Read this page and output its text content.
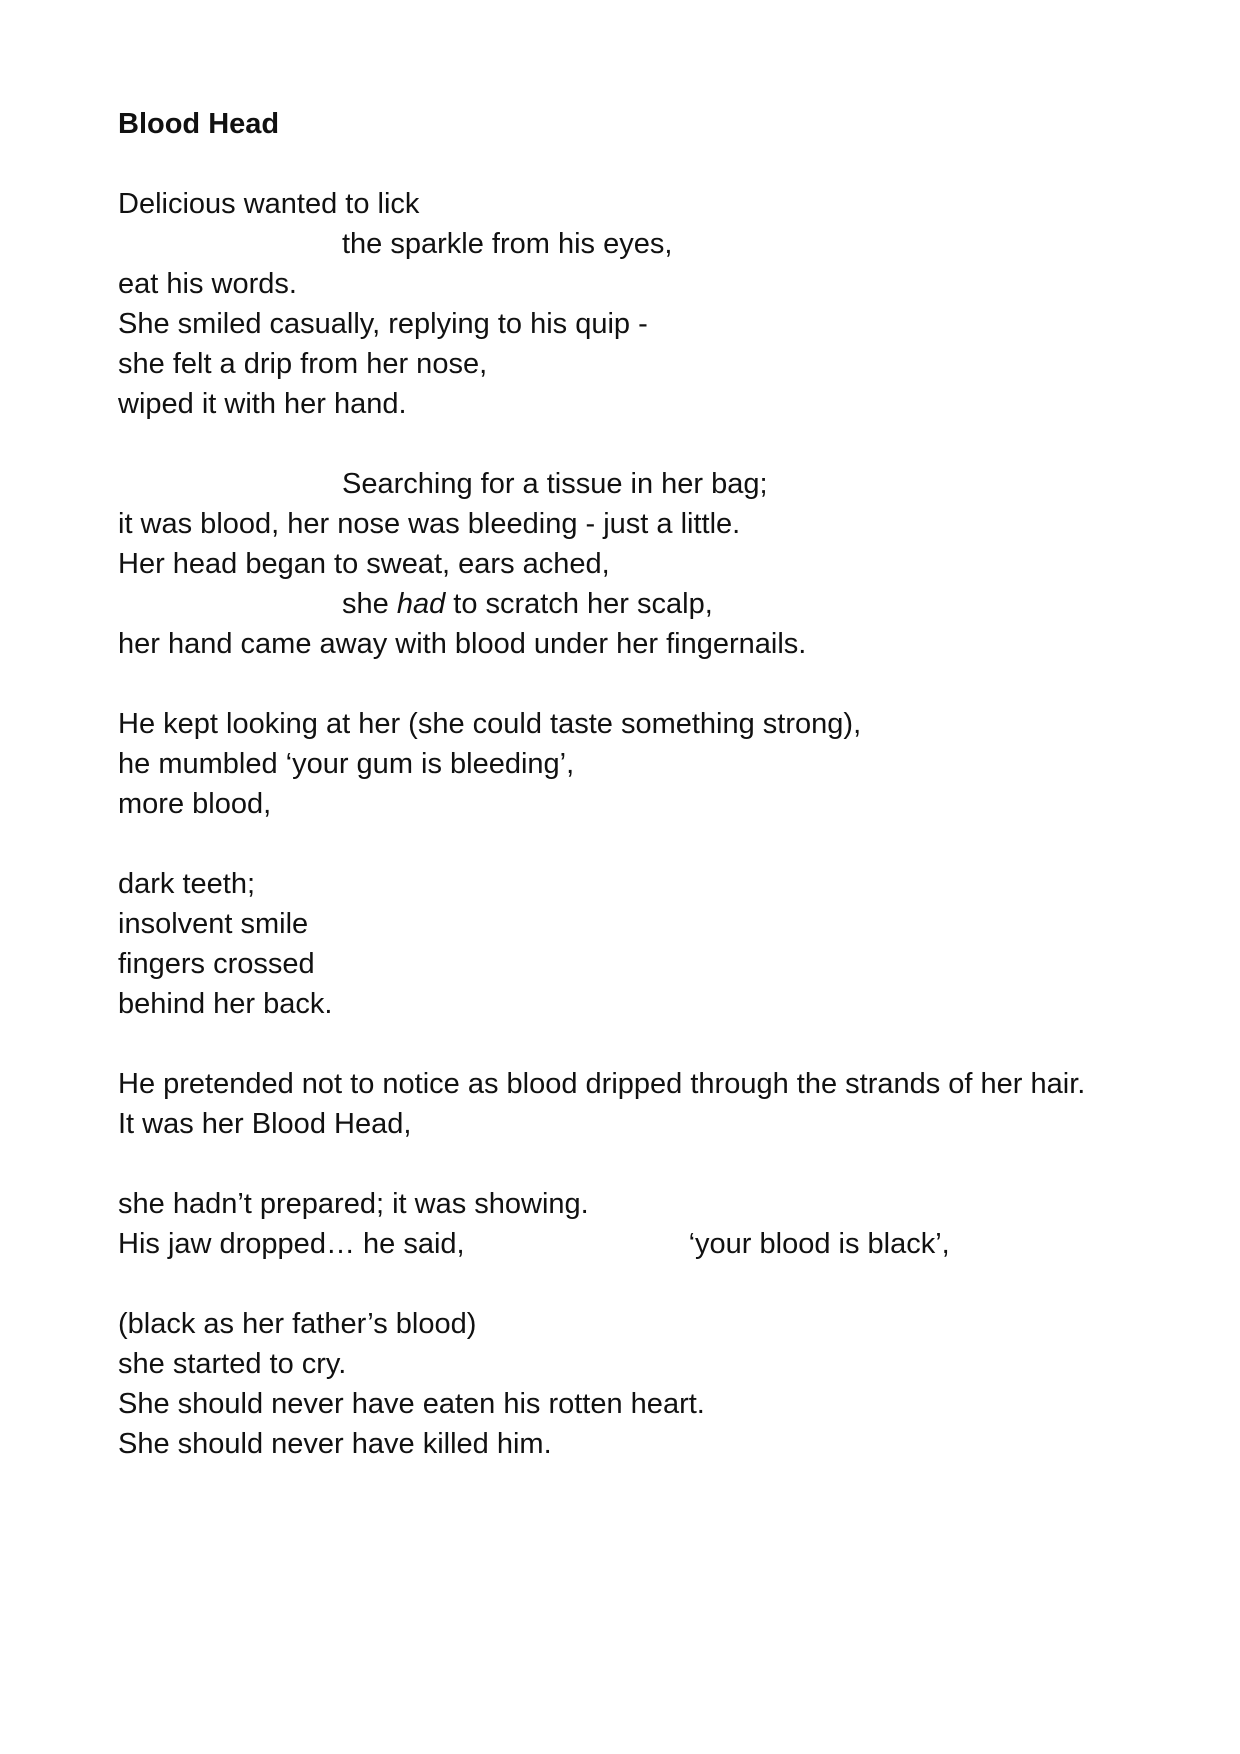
Blood Head
Delicious wanted to lick
the sparkle from his eyes,
eat his words.
She smiled casually, replying to his quip -
she felt a drip from her nose,
wiped it with her hand.
Searching for a tissue in her bag;
it was blood, her nose was bleeding - just a little.
Her head began to sweat, ears ached,
she had to scratch her scalp,
her hand came away with blood under her fingernails.
He kept looking at her (she could taste something strong),
he mumbled ‘your gum is bleeding’,
more blood,
dark teeth;
insolvent smile
fingers crossed
behind her back.
He pretended not to notice as blood dripped through the strands of her hair.
It was her Blood Head,
she hadn’t prepared; it was showing.
His jaw dropped… he said,	‘your blood is black’,
(black as her father’s blood)
she started to cry.
She should never have eaten his rotten heart.
She should never have killed him.
